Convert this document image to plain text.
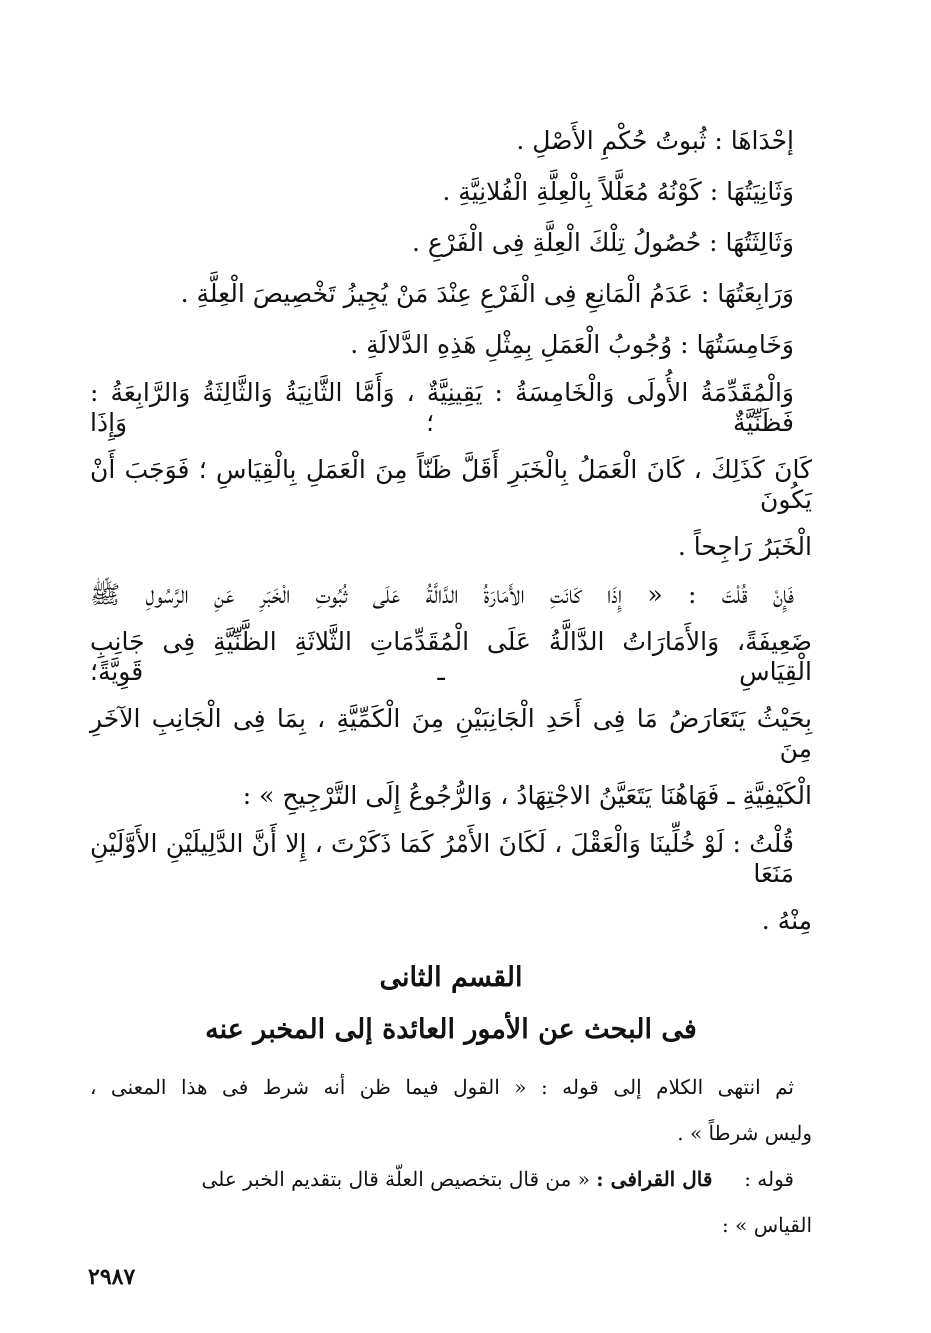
إحْدَاهَا : ثُبوتُ حُكْمِ الأَصْلِ .

وَثَانِيَتُهَا : كَوْنُهُ مُعَلَّلاً بِالْعِلَّةِ الْفُلانِيَّةِ .

وَثَالِثَتُهَا : حُصُولُ تِلْكَ الْعِلَّةِ فِى الْفَرْعِ .

وَرَابِعَتُهَا : عَدَمُ الْمَانِعِ فِى الْفَرْعِ عِنْدَ مَنْ يُجِيزُ تَخْصِيصَ الْعِلَّةِ .

وَخَامِسَتُهَا : وُجُوبُ الْعَمَلِ بِمِثْلِ هَذِهِ الدَّلالَةِ .

وَالْمُقَدِّمَةُ الأُولَى وَالْخَامِسَةُ : يَقِينِيَّةٌ ، وَأَمَّا الثَّانِيَةُ وَالثَّالِثَةُ وَالرَّابِعَةُ : فَظَنِّيَّةٌ ؛ وَإِذَا

كَانَ كَذَلِكَ ، كَانَ الْعَمَلُ بِالْخَبَرِ أَقَلَّ ظَنّاً مِنَ الْعَمَلِ بِالْقِيَاسِ ؛ فَوَجَبَ أَنْ يَكُونَ

الْخَبَرُ رَاجِحاً .

فَإِنْ قُلْتَ : « إِذَا كَانَتِ الأَمَارَةُ الدَّالَّةُ عَلَى ثُبُوتِ الْخَبَرِ عَنِ الرَّسُولِ ﷺ

ضَعِيفَةً، وَالأَمَارَاتُ الدَّالَّةُ عَلَى الْمُقَدِّمَاتِ الثَّلاثَةِ الظَّنِّيَّةِ فِى جَانِبِ الْقِيَاسِ ـ قَوِيَّةً؛

بِحَيْثُ يَتَعَارَضُ مَا فِى أَحَدِ الْجَانِبَيْنِ مِنَ الْكَمِّيَّةِ ، بِمَا فِى الْجَانِبِ الآخَرِ مِنَ

الْكَيْفِيَّةِ ـ فَهَاهُنَا يَتَعَيَّنُ الاجْتِهَادُ ، وَالرُّجُوعُ إِلَى التَّرْجِيحِ » :

قُلْتُ : لَوْ خُلِّينَا وَالْعَقْلَ ، لَكَانَ الأَمْرُ كَمَا ذَكَرْتَ ، إِلا أَنَّ الدَّلِيلَيْنِ الأَوَّلَيْنِ مَنَعَا

مِنْهُ .

القسم الثانى
فى البحث عن الأمور العائدة إلى المخبر عنه

ثم انتهى الكلام إلى قوله : « القول فيما ظن أنه شرط فى هذا المعنى ،

وليس شرطاً » .

قوله :     قال القرافى : « من قال بتخصيص العلّة قال بتقديم الخبر على

القياس » :

٢٩٨٧
